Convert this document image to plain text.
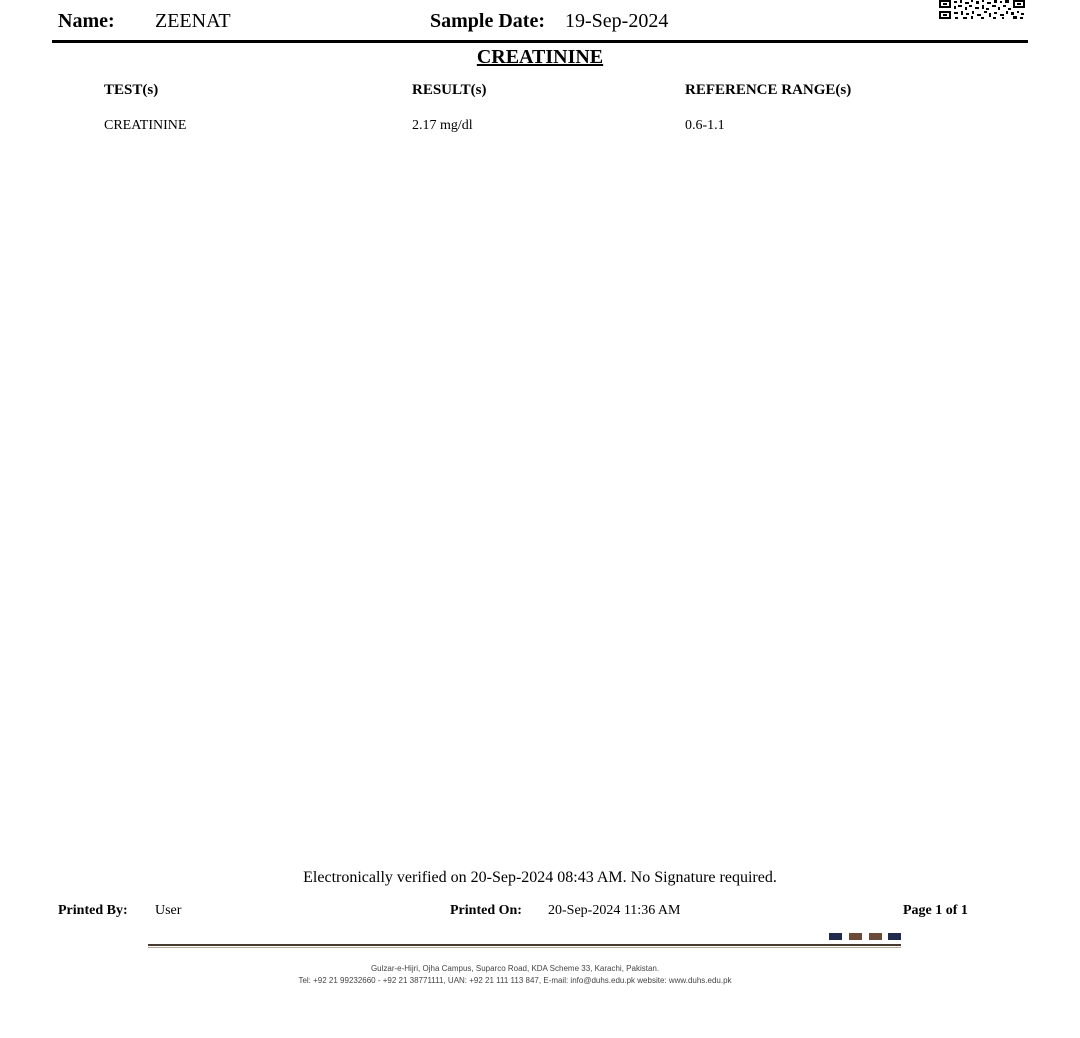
Name: ZEENAT	Sample Date: 19-Sep-2024
CREATININE
TEST(s)	RESULT(s)	REFERENCE RANGE(s)
CREATININE	2.17 mg/dl	0.6-1.1
Electronically verified on 20-Sep-2024 08:43 AM. No Signature required.
Printed By: User	Printed On: 20-Sep-2024 11:36 AM	Page 1 of 1
Gulzar-e-Hijri, Ojha Campus, Suparco Road, KDA Scheme 33, Karachi, Pakistan.
Tel: +92 21 99232660 - +92 21 38771111, UAN: +92 21 111 113 847, E-mail: info@duhs.edu.pk website: www.duhs.edu.pk
